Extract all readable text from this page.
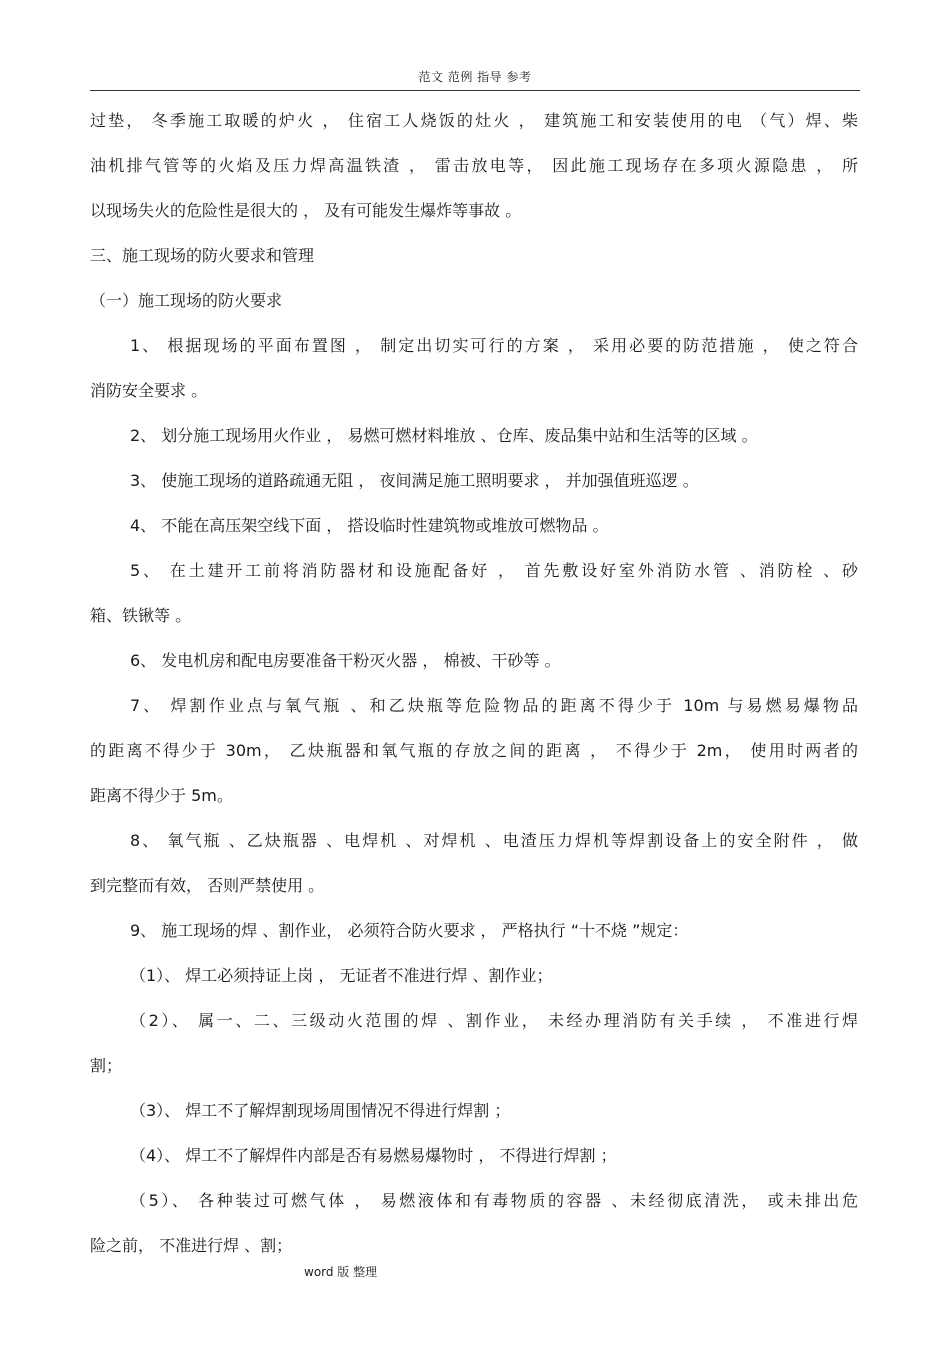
范文 范例 指导 参考
过垫， 冬季施工取暖的炉火 ， 住宿工人烧饭的灶火 ， 建筑施工和安装使用的电 （气）焊、柴
油机排气管等的火焰及压力焊高温铁渣 ， 雷击放电等， 因此施工现场存在多项火源隐患 ， 所
以现场失火的危险性是很大的 ， 及有可能发生爆炸等事故 。
三、施工现场的防火要求和管理
（一）施工现场的防火要求
1、 根据现场的平面布置图 ， 制定出切实可行的方案 ， 采用必要的防范措施 ， 使之符合
消防安全要求 。
2、 划分施工现场用火作业 ， 易燃可燃材料堆放 、仓库、废品集中站和生活等的区域 。
3、 使施工现场的道路疏通无阻 ， 夜间满足施工照明要求 ， 并加强值班巡逻 。
4、 不能在高压架空线下面 ， 搭设临时性建筑物或堆放可燃物品 。
5、 在土建开工前将消防器材和设施配备好 ， 首先敷设好室外消防水管 、消防栓 、砂
箱、铁锹等 。
6、 发电机房和配电房要准备干粉灭火器 ， 棉被、干砂等 。
7、 焊割作业点与氧气瓶 、和乙炔瓶等危险物品的距离不得少于 10m 与易燃易爆物品
的距离不得少于 30m， 乙炔瓶器和氧气瓶的存放之间的距离 ， 不得少于 2m， 使用时两者的
距离不得少于 5m。
8、 氧气瓶 、乙炔瓶器 、电焊机 、对焊机 、电渣压力焊机等焊割设备上的安全附件 ， 做
到完整而有效， 否则严禁使用 。
9、 施工现场的焊 、割作业， 必须符合防火要求 ， 严格执行 “十不烧 ”规定：
（1）、 焊工必须持证上岗 ， 无证者不准进行焊 、割作业；
（2）、 属一、二、三级动火范围的焊 、割作业， 未经办理消防有关手续 ， 不准进行焊
割；
（3）、 焊工不了解焊割现场周围情况不得进行焊割 ；
（4）、 焊工不了解焊件内部是否有易燃易爆物时 ， 不得进行焊割 ；
（5）、 各种装过可燃气体 ， 易燃液体和有毒物质的容器 、未经彻底清洗， 或未排出危
险之前， 不准进行焊 、割；
word 版 整理
